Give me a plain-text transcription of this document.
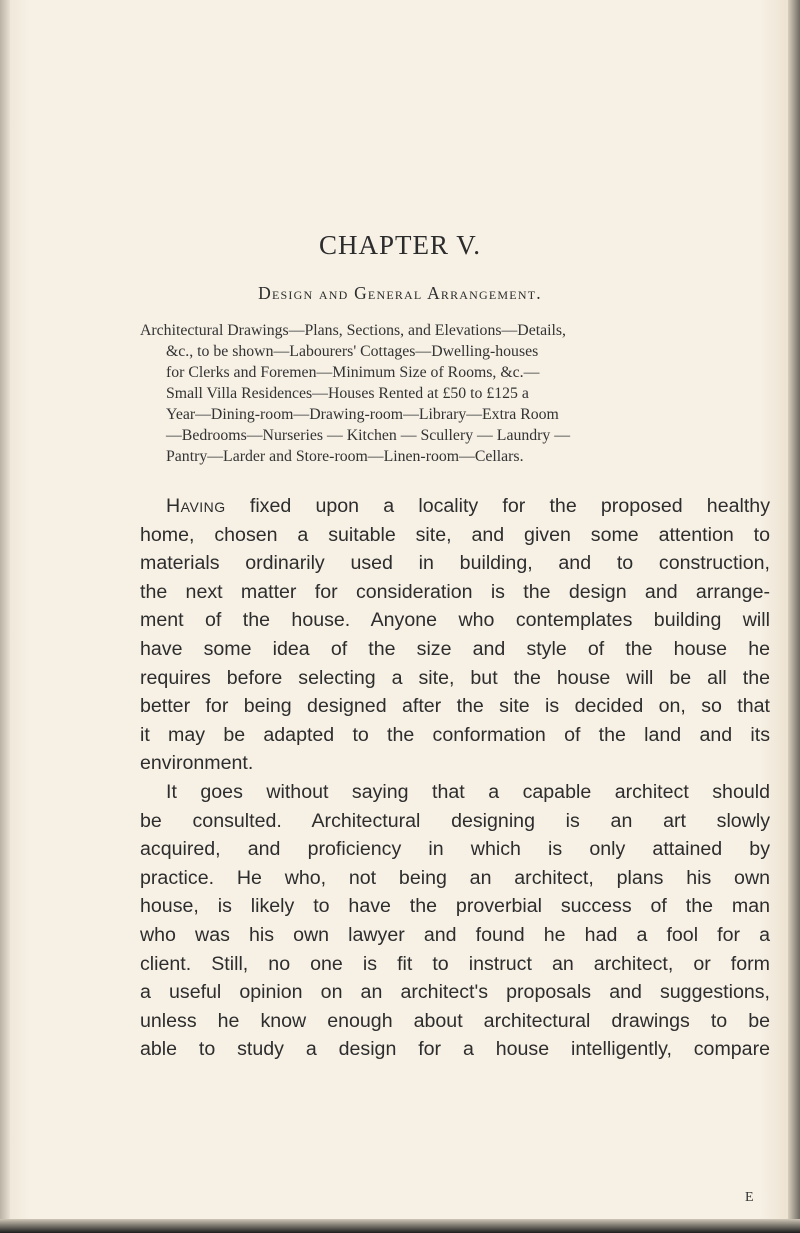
CHAPTER V.
Design and General Arrangement.
Architectural Drawings—Plans, Sections, and Elevations—Details,
&c., to be shown—Labourers' Cottages—Dwelling-houses
for Clerks and Foremen—Minimum Size of Rooms, &c.—
Small Villa Residences—Houses Rented at £50 to £125 a
Year—Dining-room—Drawing-room—Library—Extra Room
—Bedrooms—Nurseries — Kitchen — Scullery — Laundry —
Pantry—Larder and Store-room—Linen-room—Cellars.
Having fixed upon a locality for the proposed healthy
home, chosen a suitable site, and given some attention to
materials ordinarily used in building, and to construction,
the next matter for consideration is the design and arrange-
ment of the house. Anyone who contemplates building will
have some idea of the size and style of the house he
requires before selecting a site, but the house will be all the
better for being designed after the site is decided on, so that
it may be adapted to the conformation of the land and its
environment.
It goes without saying that a capable architect should
be consulted. Architectural designing is an art slowly
acquired, and proficiency in which is only attained by
practice. He who, not being an architect, plans his own
house, is likely to have the proverbial success of the man
who was his own lawyer and found he had a fool for a
client. Still, no one is fit to instruct an architect, or form
a useful opinion on an architect's proposals and suggestions,
unless he know enough about architectural drawings to be
able to study a design for a house intelligently, compare
E
